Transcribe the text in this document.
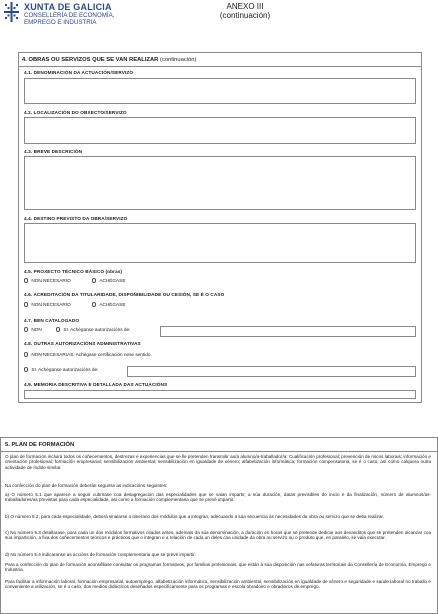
XUNTA DE GALICIA
CONSELLERÍA DE ECONOMÍA,
EMPREGO E INDUSTRIA
ANEXO III
(continuación)
4. OBRAS OU SERVIZOS QUE SE VAN REALIZAR (continuación)
4.1. DENOMINACIÓN DA ACTUACIÓN/SERVIZO
4.2. LOCALIZACIÓN DO OBXECTO/SERVIZO
4.3. BREVE DESCRICIÓN
4.4. DESTINO PREVISTO DA OBRA/SERVIZO
4.5. PROXECTO TÉCNICO BÁSICO (obras)
NON NECESARIO	ACHÉGASE
4.6. ACREDITACIÓN DA TITULARIDADE, DISPOÑIBILIDADE OU CESIÓN, SE É O CASO
NON NECESARIO	ACHÉGASE
4.7. BEN CATALOGADO
NON	SI. Achéganse autorizacións de:
4.8. OUTRAS AUTORIZACIÓNS ADMINISTRATIVAS
NON NECESARIAS. Achégase certificación nese sentido.
SI. Achéganse autorizacións de:
4.9. MEMORIA DESCRITIVA E DETALLADA DAS ACTUACIÓNS
5. PLAN DE FORMACIÓN
O plan de formación incluirá todos os coñecementos, destrezas e experiencias que se lle pretenden transmitir ao/á alumno/a-traballador/a: Cualificación profesional; prevención de riscos laborais; información e orientación profesional; formación empresarial; sensibilización ambiental; sensibilización en igualdade de xénero; alfabetización informática; formación compensatoria, se é o caso, así como calquera outra actividade de índole similar.
Na confección do plan de formación deberán seguirse as indicacións seguintes:
a) O número 5.1 que aparece a seguir cubrirase coa desagregación das especialidades que se vaian impartir, a súa duración, datas previsibles do inicio e da finalización, número de alumnos/as-traballadores/as previstas para cada especialidade, así como a formación complementaria que se prevé impartir.
b) O número 5.2, para cada especialidade, deberá sinalarse o itinerario dos módulos que a integran, adecuando a súa secuencia ás necesidades da obra ou servizo que se deba realizar.
c) No número 5.3 detallarase, para cada un dos módulos formativos citados antes, ademais da súa denominación, a duración en horas que se pretende dedicar aos devanditos que se pretenden alcanzar coa súa impartición, a fixa dos coñecementos teóricos e prácticos que o integran e a relación de cada un deles coa unidade da obra ou servizo ou o produto que, en paralelo, se vaia executar.
d) No número 5.4 indicaranse as accións de formación complementaria que se prevé impartir.
Para a confección do plan de formación aconséllase consultar os programas formativos, por familias profesionais, que están á súa disposición nas xefaturas territoriais da Consellería de Economía, Emprego e Industria.
Para facilitar a información laboral, formación empresarial, autoemprego, alfabetización informática, sensibilización ambiental, sensibilización en igualdade de xénero e seguridade e saúde laboral no traballo é conveniente a utilización, se é o caso, dos medios didácticos deseñados especificamente para os programas e escola obradoiro e obradoiros de emprego.
